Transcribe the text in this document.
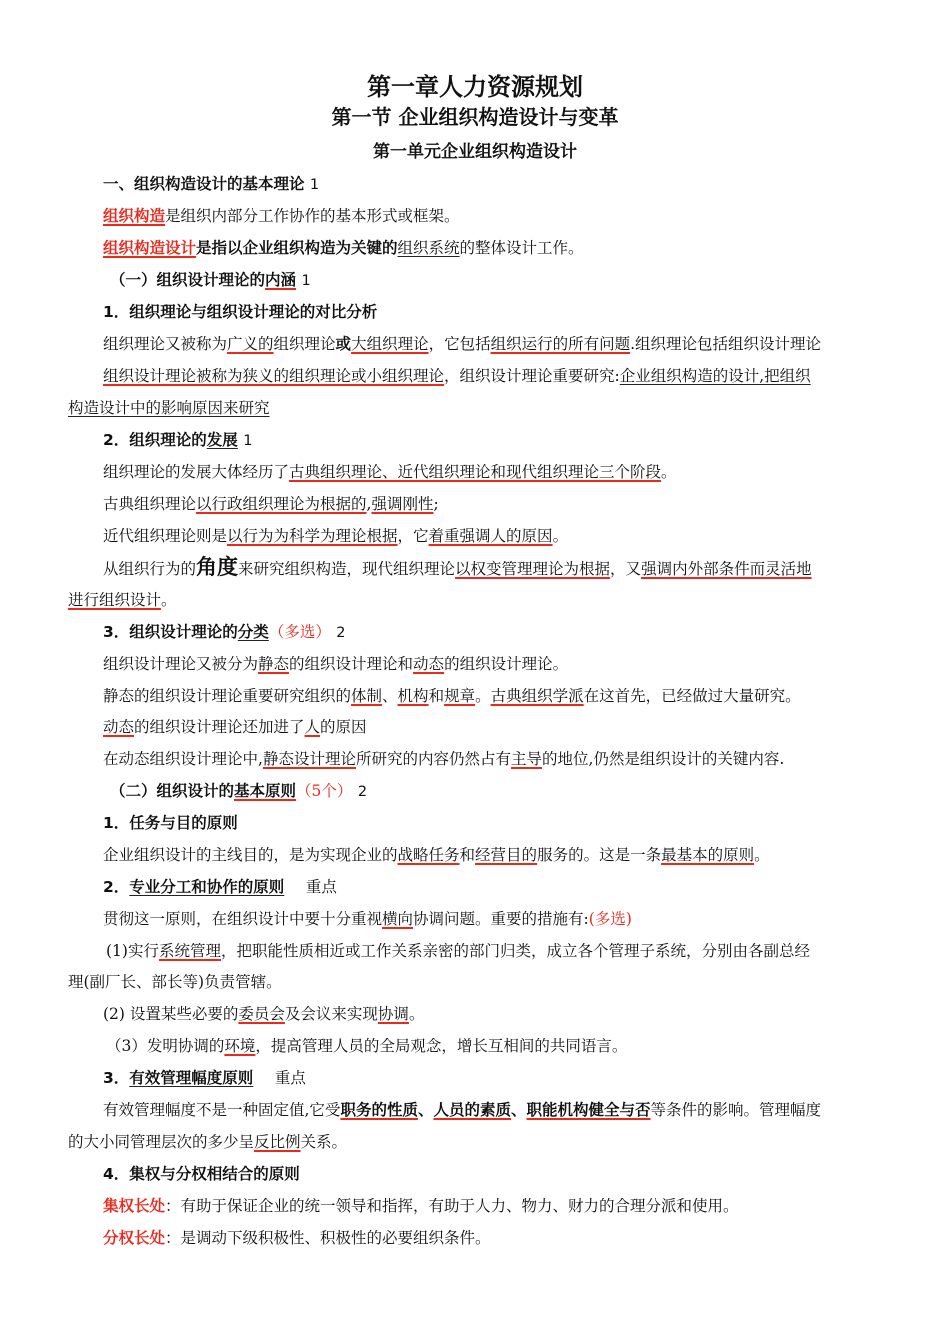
第一章人力资源规划
第一节 企业组织构造设计与变革
第一单元企业组织构造设计
一、组织构造设计的基本理论 1
组织构造是组织内部分工作协作的基本形式或框架。
组织构造设计是指以企业组织构造为关键的组织系统的整体设计工作。
（一）组织设计理论的内涵 1
1．组织理论与组织设计理论的对比分析
组织理论又被称为广义的组织理论或大组织理论，它包括组织运行的所有问题.组织理论包括组织设计理论
组织设计理论被称为狭义的组织理论或小组织理论，组织设计理论重要研究:企业组织构造的设计,把组织
构造设计中的影响原因来研究
2．组织理论的发展 1
组织理论的发展大体经历了古典组织理论、近代组织理论和现代组织理论三个阶段。
古典组织理论以行政组织理论为根据的,强调刚性;
近代组织理论则是以行为为科学为理论根据，它着重强调人的原因。
从组织行为的角度来研究组织构造，现代组织理论以权变管理理论为根据，又强调内外部条件而灵活地
进行组织设计。
3．组织设计理论的分类（多选） 2
组织设计理论又被分为静态的组织设计理论和动态的组织设计理论。
静态的组织设计理论重要研究组织的体制、机构和规章。古典组织学派在这首先，已经做过大量研究。
动态的组织设计理论还加进了人的原因
在动态组织设计理论中,静态设计理论所研究的内容仍然占有主导的地位,仍然是组织设计的关键内容.
（二）组织设计的基本原则（5个） 2
1．任务与目的原则
企业组织设计的主线目的，是为实现企业的战略任务和经营目的服务的。这是一条最基本的原则。
2．专业分工和协作的原则 重点
贯彻这一原则，在组织设计中要十分重视横向协调问题。重要的措施有:(多选)
(1)实行系统管理，把职能性质相近或工作关系亲密的部门归类，成立各个管理子系统，分别由各副总经
理(副厂长、部长等)负责管辖。
(2) 设置某些必要的委员会及会议来实现协调。
（3）发明协调的环境，提高管理人员的全局观念，增长互相间的共同语言。
3．有效管理幅度原则 重点
有效管理幅度不是一种固定值,它受职务的性质、人员的素质、职能机构健全与否等条件的影响。管理幅度
的大小同管理层次的多少呈反比例关系。
4．集权与分权相结合的原则
集权长处：有助于保证企业的统一领导和指挥，有助于人力、物力、财力的合理分派和使用。
分权长处：是调动下级积极性、积极性的必要组织条件。
